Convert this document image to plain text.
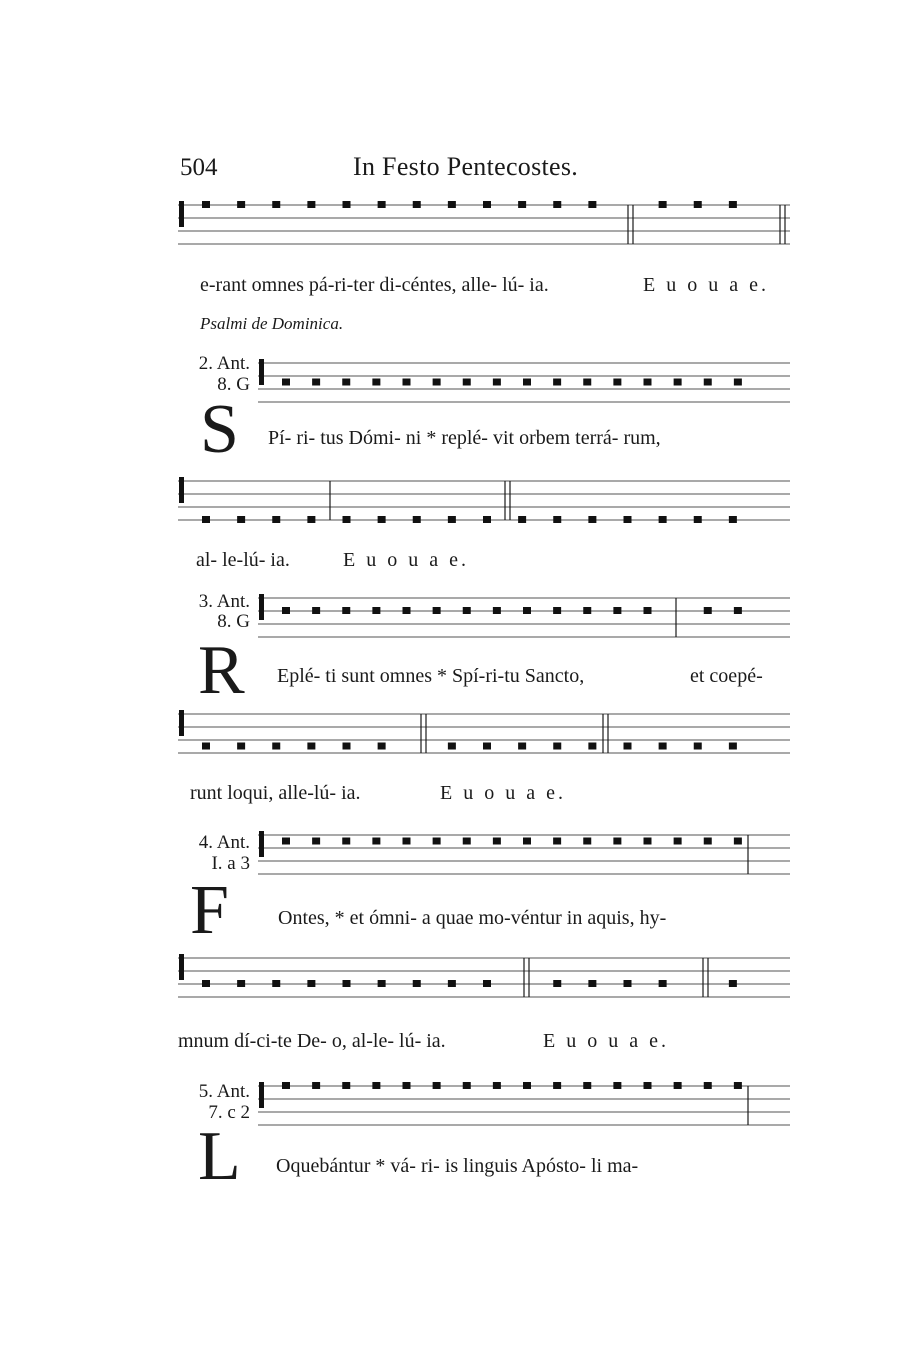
504	In Festo Pentecostes.
e-rant omnes pá-ri-ter di-céntes, alle- lú- ia.	E u o u a e.
Psalmi de Dominica.
2. Ant.
8. G
S Pí- ri- tus Dómi- ni * replé- vit orbem terrá- rum,
al- le-lú- ia.	E u o u a e.
3. Ant.
8. G
R Eplé- ti sunt omnes * Spí-ri-tu Sancto,	et coepé-
runt loqui, alle-lú- ia.	E u o u a e.
4. Ant.
I. a 3
F Ontes, * et ómni- a quae mo-véntur in aquis, hy-
mnum dí-ci-te De- o, al-le- lú- ia.	E u o u a e.
5. Ant.
7. c 2
L Oquebántur * vá- ri- is linguis Apósto- li ma-
